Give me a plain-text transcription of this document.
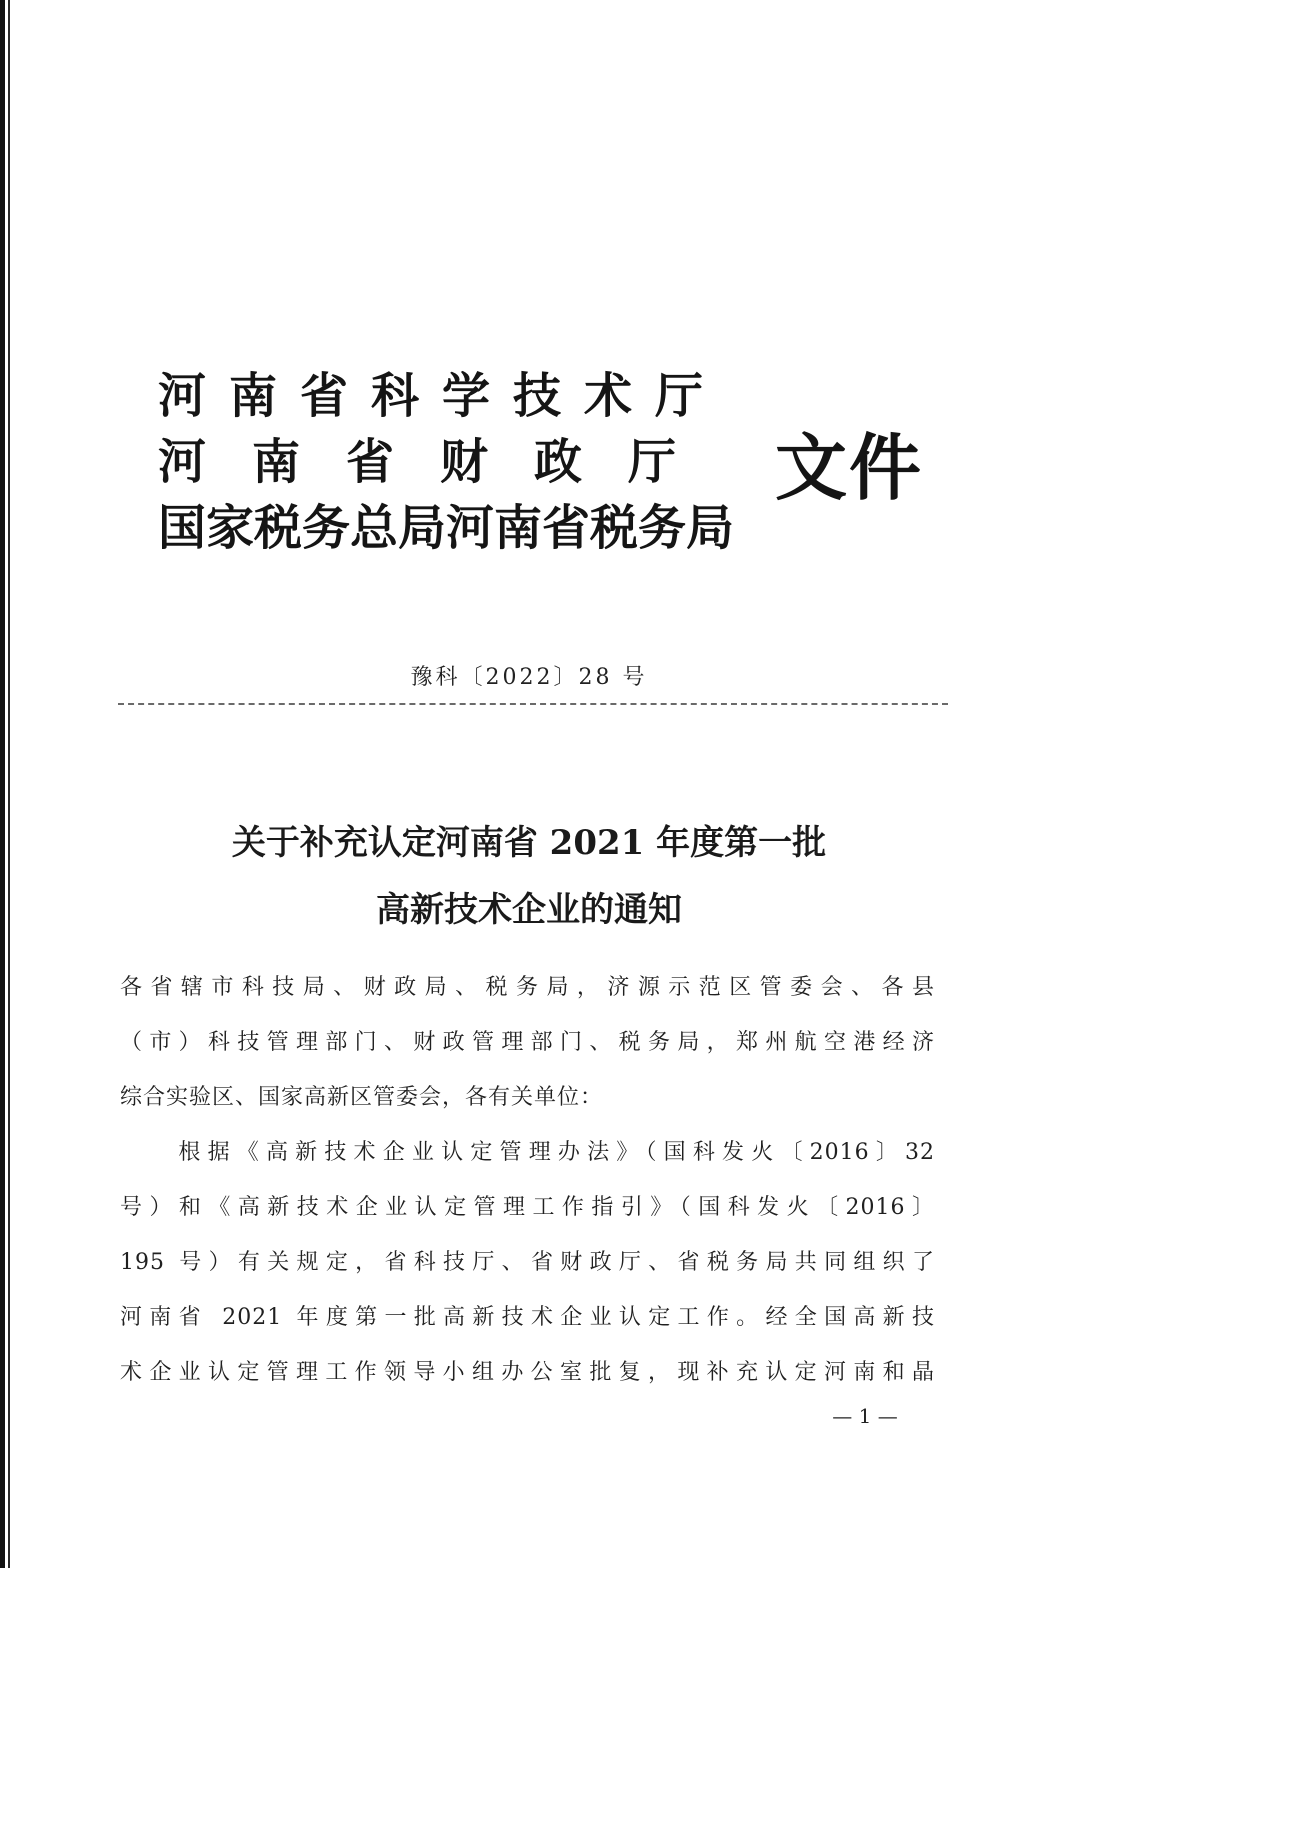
河南省科学技术厅
河南省财政厅
国家税务总局河南省税务局
文件
豫科〔2022〕28 号
关于补充认定河南省 2021 年度第一批
高新技术企业的通知
各省辖市科技局、财政局、税务局，济源示范区管委会、各县
（市）科技管理部门、财政管理部门、税务局，郑州航空港经济
综合实验区、国家高新区管委会，各有关单位：
　　根据《高新技术企业认定管理办法》（国科发火〔2016〕32
号）和《高新技术企业认定管理工作指引》（国科发火〔2016〕
195 号）有关规定，省科技厅、省财政厅、省税务局共同组织了
河南省 2021 年度第一批高新技术企业认定工作。经全国高新技
术企业认定管理工作领导小组办公室批复，现补充认定河南和晶
— 1 —
